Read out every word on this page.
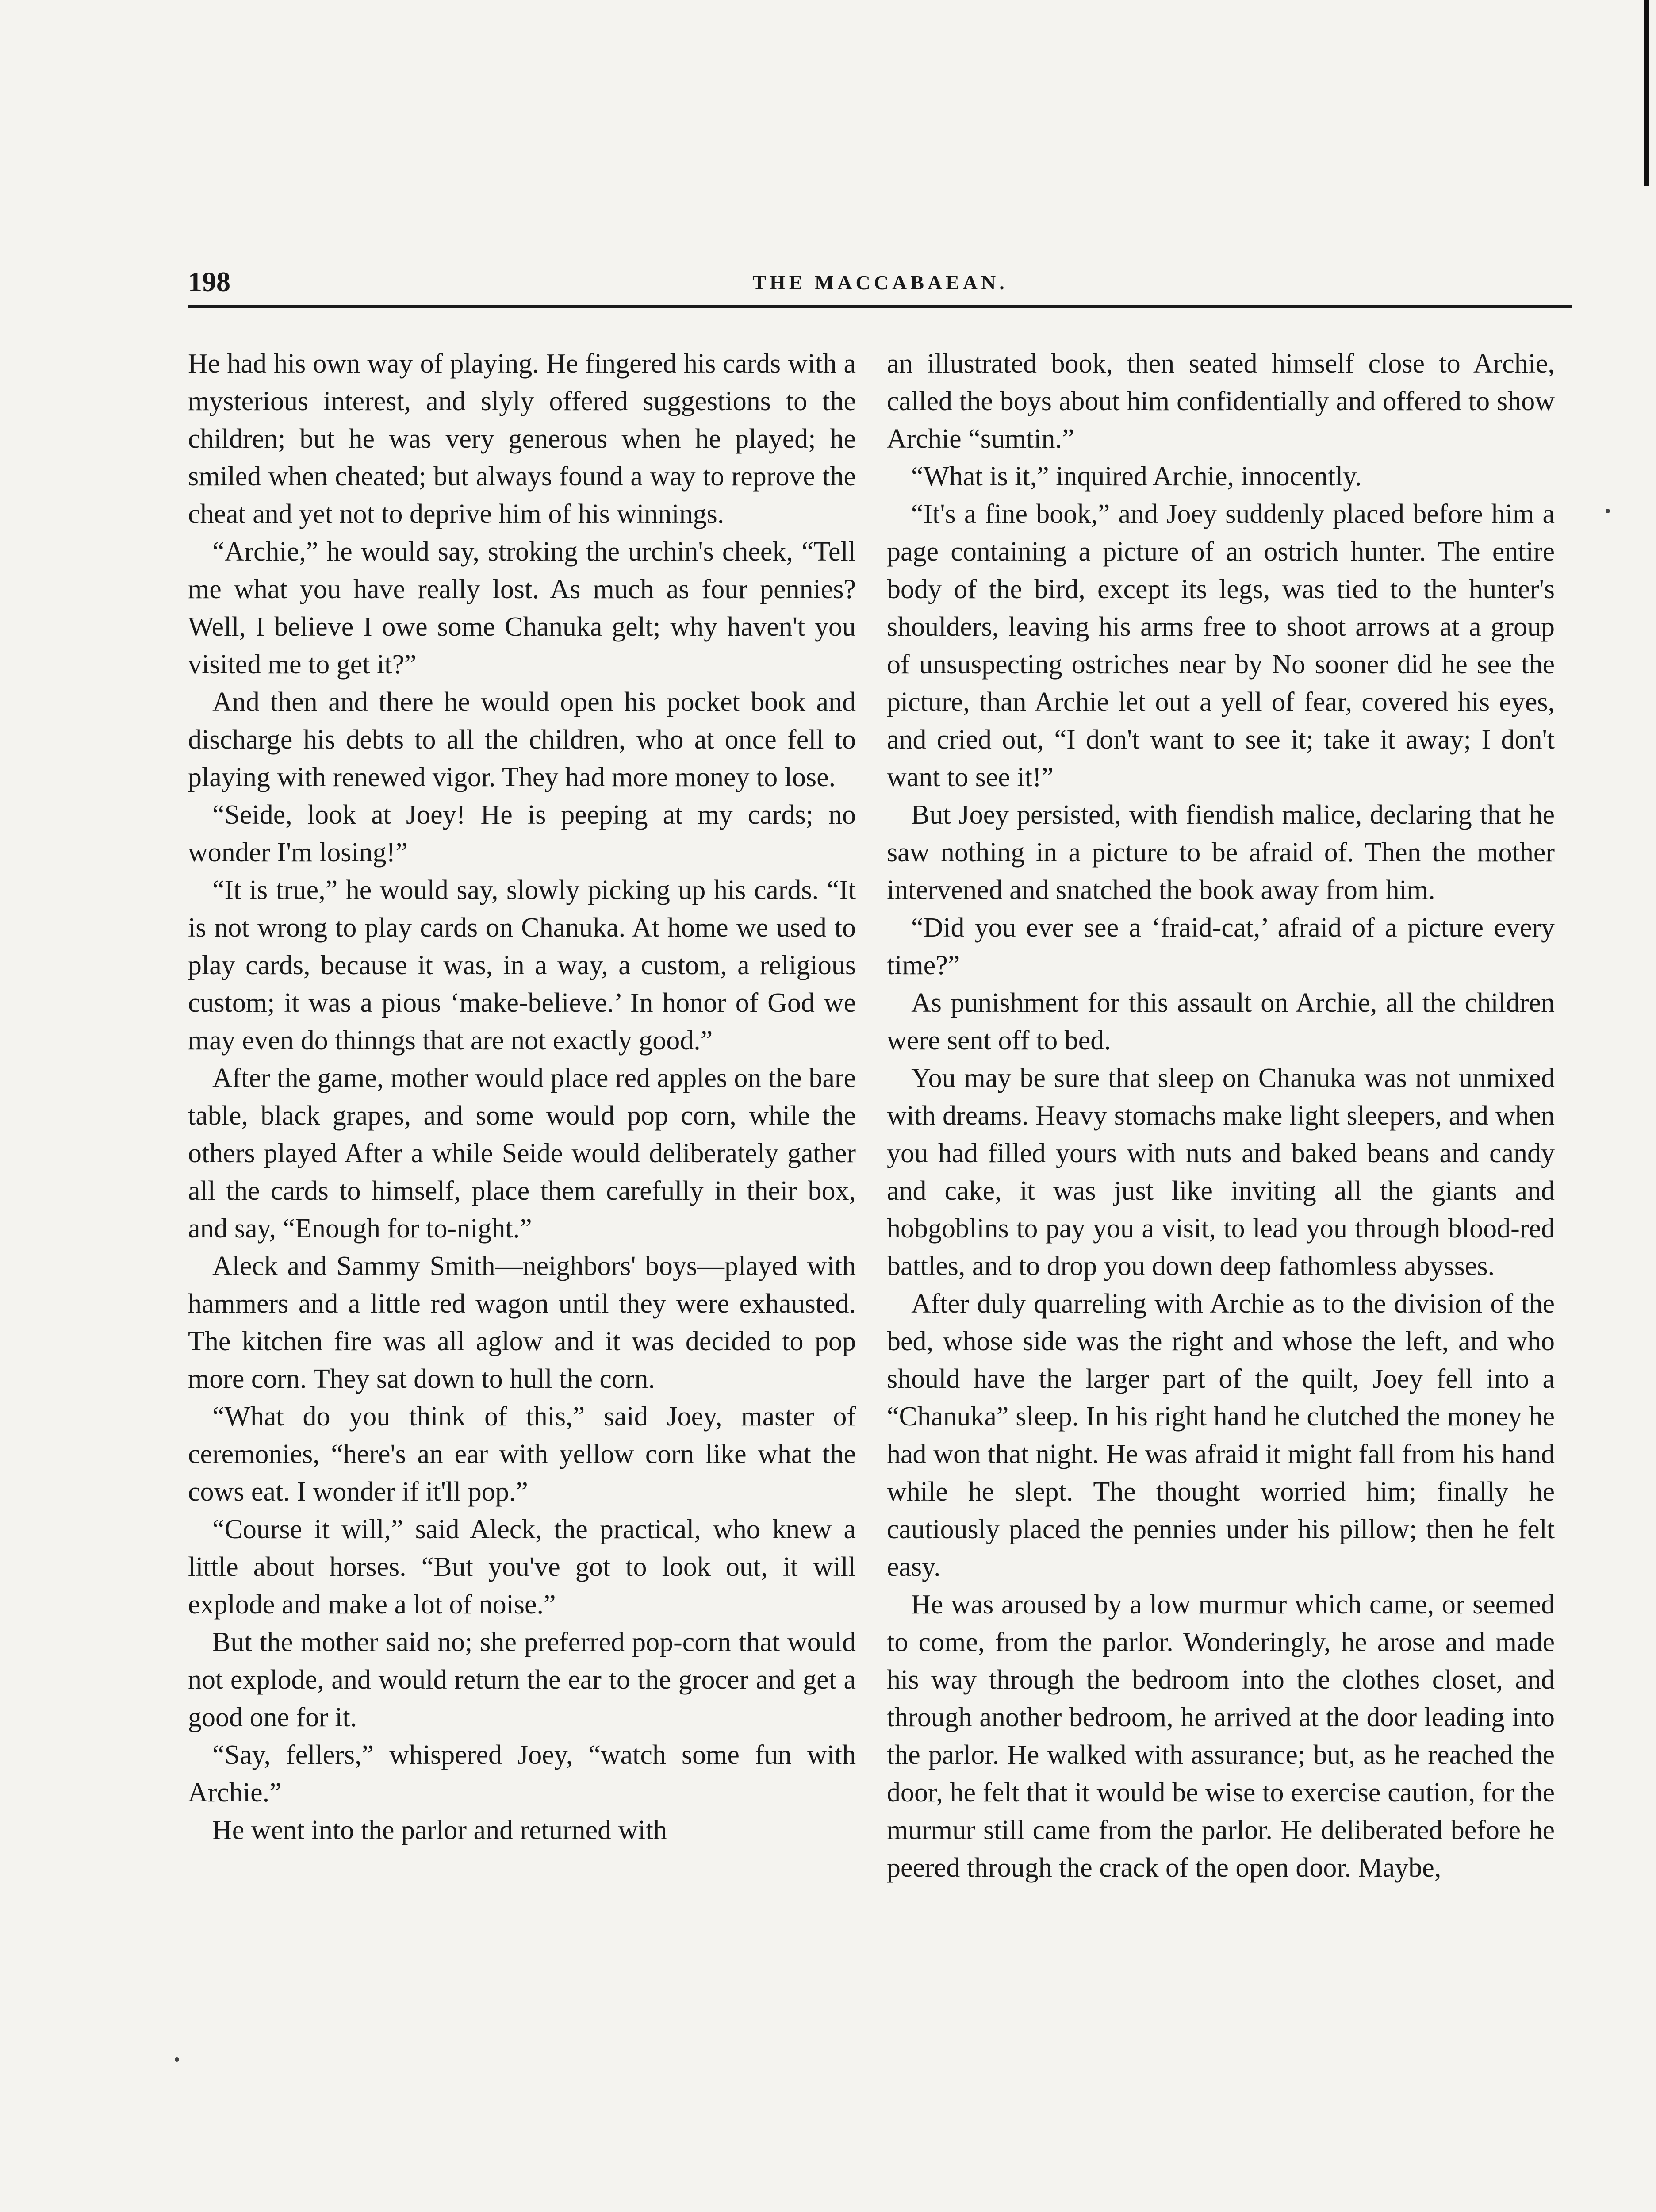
198	THE MACCABAEAN.

He had his own way of playing. He fingered his cards with a mysterious interest, and slyly offered suggestions to the children; but he was very generous when he played; he smiled when cheated; but always found a way to reprove the cheat and yet not to deprive him of his winnings.

“Archie,” he would say, stroking the urchin's cheek, “Tell me what you have really lost. As much as four pennies? Well, I believe I owe some Chanuka gelt; why haven't you visited me to get it?”

And then and there he would open his pocket book and discharge his debts to all the children, who at once fell to playing with renewed vigor. They had more money to lose.

“Seide, look at Joey! He is peeping at my cards; no wonder I'm losing!”

“It is true,” he would say, slowly picking up his cards. “It is not wrong to play cards on Chanuka. At home we used to play cards, because it was, in a way, a custom, a religious custom; it was a pious ‘make-believe.’ In honor of God we may even do thinngs that are not exactly good.”

After the game, mother would place red apples on the bare table, black grapes, and some would pop corn, while the others played After a while Seide would deliberately gather all the cards to himself, place them carefully in their box, and say, “Enough for to-night.”

Aleck and Sammy Smith—neighbors' boys—played with hammers and a little red wagon until they were exhausted. The kitchen fire was all aglow and it was decided to pop more corn. They sat down to hull the corn.

“What do you think of this,” said Joey, master of ceremonies, “here's an ear with yellow corn like what the cows eat. I wonder if it'll pop.”

“Course it will,” said Aleck, the practical, who knew a little about horses. “But you've got to look out, it will explode and make a lot of noise.”

But the mother said no; she preferred pop-corn that would not explode, and would return the ear to the grocer and get a good one for it.

“Say, fellers,” whispered Joey, “watch some fun with Archie.”

He went into the parlor and returned with

an illustrated book, then seated himself close to Archie, called the boys about him confidentially and offered to show Archie “sumtin.”

“What is it,” inquired Archie, innocently.

“It's a fine book,” and Joey suddenly placed before him a page containing a picture of an ostrich hunter. The entire body of the bird, except its legs, was tied to the hunter's shoulders, leaving his arms free to shoot arrows at a group of unsuspecting ostriches near by No sooner did he see the picture, than Archie let out a yell of fear, covered his eyes, and cried out, “I don't want to see it; take it away; I don't want to see it!”

But Joey persisted, with fiendish malice, declaring that he saw nothing in a picture to be afraid of. Then the mother intervened and snatched the book away from him.

“Did you ever see a ‘fraid-cat,’ afraid of a picture every time?”

As punishment for this assault on Archie, all the children were sent off to bed.

You may be sure that sleep on Chanuka was not unmixed with dreams. Heavy stomachs make light sleepers, and when you had filled yours with nuts and baked beans and candy and cake, it was just like inviting all the giants and hobgoblins to pay you a visit, to lead you through blood-red battles, and to drop you down deep fathomless abysses.

After duly quarreling with Archie as to the division of the bed, whose side was the right and whose the left, and who should have the larger part of the quilt, Joey fell into a “Chanuka” sleep. In his right hand he clutched the money he had won that night. He was afraid it might fall from his hand while he slept. The thought worried him; finally he cautiously placed the pennies under his pillow; then he felt easy.

He was aroused by a low murmur which came, or seemed to come, from the parlor. Wonderingly, he arose and made his way through the bedroom into the clothes closet, and through another bedroom, he arrived at the door leading into the parlor. He walked with assurance; but, as he reached the door, he felt that it would be wise to exercise caution, for the murmur still came from the parlor. He deliberated before he peered through the crack of the open door. Maybe,
